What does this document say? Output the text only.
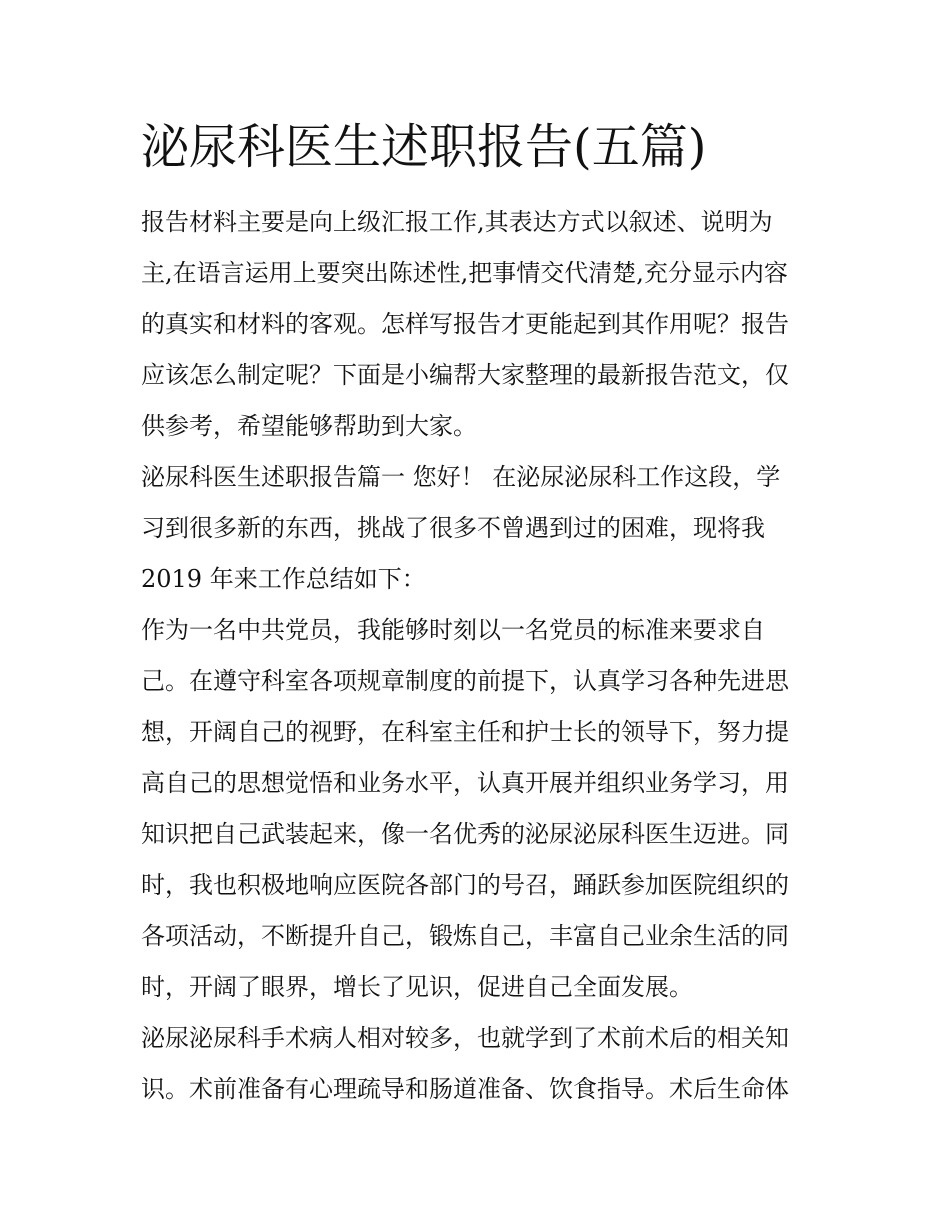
泌尿科医生述职报告(五篇)

报告材料主要是向上级汇报工作,其表达方式以叙述、说明为

主,在语言运用上要突出陈述性,把事情交代清楚,充分显示内容

的真实和材料的客观。怎样写报告才更能起到其作用呢？报告

应该怎么制定呢？下面是小编帮大家整理的最新报告范文，仅

供参考，希望能够帮助到大家。

泌尿科医生述职报告篇一 您好！ 在泌尿泌尿科工作这段，学

习到很多新的东西，挑战了很多不曾遇到过的困难，现将我

2019 年来工作总结如下：

作为一名中共党员，我能够时刻以一名党员的标准来要求自

己。在遵守科室各项规章制度的前提下，认真学习各种先进思

想，开阔自己的视野，在科室主任和护士长的领导下，努力提

高自己的思想觉悟和业务水平，认真开展并组织业务学习，用

知识把自己武装起来，像一名优秀的泌尿泌尿科医生迈进。同

时，我也积极地响应医院各部门的号召，踊跃参加医院组织的

各项活动，不断提升自己，锻炼自己，丰富自己业余生活的同

时，开阔了眼界，增长了见识，促进自己全面发展。

泌尿泌尿科手术病人相对较多，也就学到了术前术后的相关知

识。术前准备有心理疏导和肠道准备、饮食指导。术后生命体
